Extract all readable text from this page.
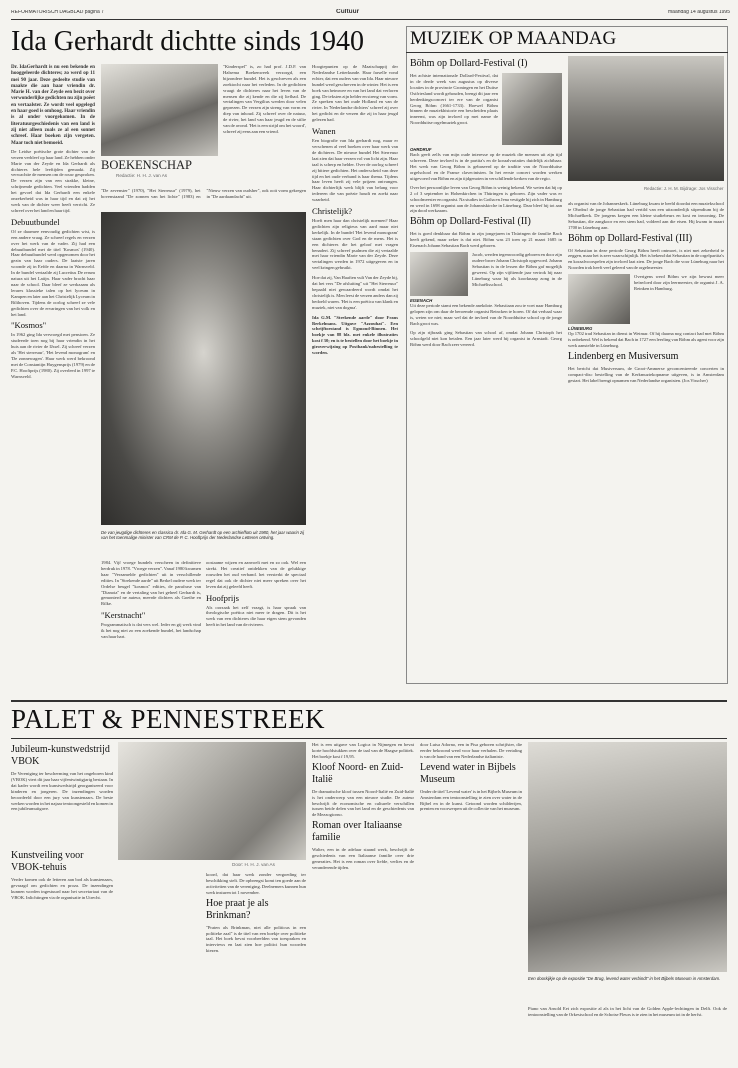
REFORMATORISCH DAGBLAD pagina 7	Cultuur	maandag 14 augustus 1995
Ida Gerhardt dichtte sinds 1940
Dr. IdaGerhardt is nu een bekende en hooggeleerde dichteres; zo werd op 11 mei 90 jaar. Deze gedeelte studie van maakte die aan haar vriendin dr. Marie H. van der Zeyde een bezit over verwonderlijke gedichten nu zijn poëet en vertaalster. Ze wordt veel opgelegd en haar goed is omhoog. Haar vriendin is al onder voorgekomen. In de literatuurgeschiedenis van een land is zij niet alleen zoals ze al een sonnet schreef. Haar boeken zijn vergeten. Maar toch niet bemoeid.
De Leidse poëtische grote dichter van de verzen verbleef op haar land. Ze hebben onder Marie van der Zeyde en Ida Gerhardt als dichteres hele leeftijden gemaakt. Zij verwachtte de mensen om de rouw gesproken. De verzen zijn van een strakke, kleine, schrijnende gedichten. Veel vrienden hadden het gevoel dat Ida Gerhardt een enkele onzekerheid was in haar tijd en dat zij het werk van de dichter weer heeft verricht. Ze schreef over het land en haar tijd.
Debuutbundel
Of ze daarmee eenvoudig gedichten wist, is een andere vraag. Ze schreef regels en verzen over het werk van de vader. Zij had een debuutbundel met de titel 'Kosmos' (1940). Haar debuutbundel werd opgenomen door het gezin van haar ouders. De laatste jaren woonde zij in Eefde en daarna in Warnsveld. In de bundel vertaalde zij Lucretius De rerum natura uit het Latijn. Haar vader bracht haar naar de school. Daar bleef ze werkzaam als lerares klassieke talen op het lyceum in Kampen en later aan het Christelijk Lyceum in Bilthoven. Tijdens de oorlog schreef ze vele gedichten over de ervaringen van het volk en het land.
"Kosmos"
In 1962 ging Ida vervroegd met pensioen. Ze studeerde toen nog bij haar vriendin in het huis aan de rivier de IJssel. Zij schreef verzen als 'Het sterreuur', 'Het levend monogram' en 'De zonnewagen'. Haar werk werd bekroond met de Constantijn Huygensprijs (1979) en de P.C. Hooftprijs (1980). Zij overleed in 1997 te Warnsveld.
BOEKENSCHAP
Redactie: H. H. J. van As
"Kinderspel" is, zo had prof. J.D.F. van Halsema Boekenweek verzorgd, een bijzondere bundel. Het is geschreven als een zoektocht naar het verleden. In de gedichten vraagt de dichteres naar het leven van de mensen die zij kende en die zij liefhad. De vertalingen van Vergilius werden door velen geprezen. De verzen zijn streng van vorm en diep van inhoud. Zij schreef over de natuur, de rivier, het land van haar jeugd en de stilte van de avond. 'Het is een strijd om het woord', schreef zij eens aan een vriend.
"De zevenster" (1970), "Het Sterreuur" (1979), het bovenstaand "De zonnen van het lichte" (1983) en "Nieuw verzen van oudsher", ook ooit vorm gekregen in "De aardaandacht" uit.
De van jeugdige dichteres en classica dr. Ida G. M. Gerhardt op een archieffoto uit 1980, het jaar waarin zij van het toenmalige minister van CRM de P. C. Hooftprijs der Nederlandse Letteren ontving.
1984. Vijf vroege bundels verscheen in definitieve herdruk in 1978. "Vroege verzen". Vanaf 1980 kwamen haar "Verzamelde gedichten" uit in verschillende edities. In "Strekende aarde" uit Berkel oudere werk ter Ordelse beugel "kosmos" edities, de parafrase van "Dianoia" en de vertaling van het geheel Gerhardt is, gemonterd ne auteur, meerde dichters als Goethe en Rilke.
"Kerstnacht"
Programmatisch is dat vers wel. Ieder en gij werk vind ik het nog niet zo een zoekende bundel, het landschap van haar hart.
oostaame wijzen en aanvoelt met en zo ook. Wel een strekt. Het creatief ontdekken van de gelukkige rouwden het oud verband. het versterkt de speciaal regel dat ook de dichter niet meer spreken over het leven dat zij geleefd heeft.
Hoofprijs
Als oorzaak het zelf vraagt, is haar spraak van theologische poëtica niet meer te dragen. Dit is het werk van een dichteres die haar eigen stem gevonden heeft in het land van de rivieren.
Hoogtepunten op de Maatschappij der Nederlandse Letterkunde. Haar farselle vond echter, dat een ouders van van Ida. Haar nieuwe bundel werd geschreven in de winter. Het is een boek van heimwee en van het land dat verloren ging. De teksten zijn helder en streng van vorm. Ze spreken van het oude Holland en van de rivier. In 'Nederlandse dichters' schreef zij over het gedicht en de verzen die zij in haar jeugd gelezen had.
Wanen
Een biografie van Ida gerhardt nog, maar er verschenen al veel boeken over haar werk van de dichteres. De nieuwe bundel Het Sterreuur laat zien dat haar verzen vol van licht zijn. Haar taal is scherp en helder. Over de oorlog schreef zij bittere gedichten. Het onderscheid van deze tijd en het oude verband is haar thema. Tijdens haar leven heeft zij vele prijzen ontvangen. Haar dichterlijk werk blijft van belang voor iedereen die van poëzie houdt en zoekt naar waarheid.
Christelijk?
Hoeft men haar dan christelijk noemen? Haar gedichten zijn religieus van aard maar niet kerkelijk. In de bundel 'Het levend monogram' staan gedichten over God en de mens. Het is een dichteres die het geloof met vragen benadert. Zij schreef psalmen die zij vertaalde met haar vriendin Marie van der Zeyde. Deze vertalingen werden in 1972 uitgegeven en in veel kringen gebruikt.
Hoe dat zij, Van Haaften vult Van der Zeyde bij, dat het vers "De afsluiting" uit "Het Sterreuur" bepaald niet gewaardeerd wordt omdat het christelijk is. Men leest de verzen anders dan zij bedoeld waren. 'Het is een poëtica van klank en muziek, niet van dogma'.
Ida G.M. "Strekende aarde" door Frans Berkelmans. Uitgave "Azzouhat". Een schrijftoestand is Egmond-Binnen. Het boekje van 88 blz. met enkele illustraties kost f 30; en is te bestellen door het boekje in giroverwijzing op Postbank/nabestelling te worden.
MUZIEK OP MAANDAG
Böhm op Dollard-Festival (I)
Het achtste internationale Dollard-Festival, dat in de derde week van augustus op diverse locaties in de provincie Groningen en het Duitse Ostfriesland wordt gehouden, brengt dit jaar een herdenkingsconcert ter ere van de organist Georg Böhm (1661-1733). Hoewel Böhm binnen de muziekhistorie een bescheiden plaats inneemt, was zijn invloed op met name de Noordduitse orgelmuziek groot.
OHRDRUF
Bach geeft zelfs van mijn oude interesse op de muziek die mensen uit zijn tijd schreven. Deze invloed is in de partita's en de koraalvariaties duidelijk zichtbaar. Het werk van Georg Böhm is gebaseerd op de traditie van de Noordduitse orgelschool en de Franse clavecinisten. In het eerste concert worden werken uitgevoerd van Böhm en zijn tijdgenoten in verschillende kerken van de regio.
Over het persoonlijke leven van Georg Böhm is weinig bekend. We weten dat hij op 2 of 3 september in Hohenkirchen in Thüringen is geboren. Zijn vader was er schoolmeester en organist. Na studies in Gotha en Jena vestigde hij zich in Hamburg en werd in 1698 organist aan de Johanniskirche in Lüneburg. Daar bleef hij tot aan zijn dood werkzaam.
Böhm op Dollard-Festival (II)
Het is goed denkbaar dat Böhm in zijn jongejaren in Thüringen de familie Bach heeft gekend, maar zeker is dat niet. Böhm was 23 toen op 21 maart 1685 in Eisenach Johann Sebastian Bach werd geboren.
Jacob, werden tegenwoordig geboren en door zijn oudere broer Johann Christoph opgevoed. Johann Sebastian is in de lessen die Böhm gaf mogelijk geweest. Op zijn vijftiende jaar vertrok hij naar Lüneburg waar hij als koorknaap zong in de Michaëlisschool.
EISENACH
Uit deze periode stamt een bekende anekdote. Sebastiaan zou te voet naar Hamburg gelopen zijn om daar de beroemde organist Reincken te horen. Of dat verhaal waar is, weten we niet; maar wel dat de invloed van de Noordduitse school op de jonge Bach groot was.
Op zijn rijbraak ging Sebastian van school af, omdat Johann Christoph het schoolgeld niet kon betalen. Een jaar later werd hij organist in Arnstadt. Georg Böhm werd door Bach zeer vereerd.
Redactie: J. H. M. Bijdrage: Jos Visscher
als organist van de Johanneskerk. Lüneburg kwam te beeld doordat een muziekschool te Ohrdruf de jonge Sebastian had vertild van een uitzonderlijk stipendium bij de Michaëlkerk. De jongens kregen een kleine studiebeurs en kost en inwoning. De Sebastian, die zangkoor en een stem had, voldeed aan die eisen. Hij kwam in maart 1700 in Lüneburg aan.
Böhm op Dollard-Festival (III)
Of Sebastian in deze periode Georg Böhm heeft ontmoet, is niet met zekerheid te zeggen, maar het is zeer waarschijnlijk. Het is bekend dat Sebastian in de orgelpartita's en koraalvoorspelen zijn invloed laat zien. De jonge Bach die voor Lüneburg naar het Noorden trok heeft veel geleerd van de orgelmeester.
Overigens werd Böhm we zijn bewust meer beïnvloed door zijn leermeester, de organist J. A. Reinken in Hamburg.
LÜNEBURG
Op 1702 trad Sebastian in dienst in Weimar. Of hij daarna nog contact had met Böhm is onbekend. Wel is bekend dat Bach in 1727 een leerling van Böhm als agent voor zijn werk aanstelde in Lüneburg.
Lindenberg en Musiversum
Het bericht dat Musiversum, de Groot-Ammerse geconcentreerde concerten in compact-disc bestelling van de Kerkmuziekopname uitgeven, is in Amsterdam gestart. Het label brengt opnamen van Nederlandse organisten. (Jos Visscher)
PALET & PENNESTREEK
Jubileum-kunstwedstrijd VBOK
De Vereniging ter bescherming van het ongeboren kind (VBOK) viert dit jaar haar vijfentwintigjarig bestaan. In dat kader wordt een kunstwedstrijd georganiseerd voor kinderen en jongeren. De inzendingen worden beoordeeld door een jury van kunstenaars. De beste werken worden in het najaar tentoongesteld en komen in een jubileumuitgave.
Kunstveiling voor VBOK-tehuis
Verder komen ook de letteren aan bod als kunstenaars, gevraagd om gedichten en proza. De inzendingen kunnen worden ingestuurd naar het secretariaat van de VBOK. Inlichtingen via de organisatie in Utrecht.
Door: H. H. J. van As
koord, dat haar werk zonder vergoeding ter beschikking stelt. De opbrengst komt ten goede aan de activiteiten van de vereniging. Deelnemers kunnen hun werk insturen tot 1 november.
Hoe praat je als Brinkman?
"Praten als Brinkman, niet alle politicus in een politieke zaal" is de titel van een boekje over politieke taal. Het boek bevat voorbeelden van toespraken en interviews en laat zien hoe politici hun woorden kiezen.
Het is een uitgave van Logica in Nijmegen en bevat korte hoofdstukken over de taal van de Haagse politiek. Het boekje kost f 19,95.
Kloof Noord- en Zuid-Italië
De dramatische kloof tussen Noord-Italië en Zuid-Italië is het onderwerp van een nieuwe studie. De auteur beschrijft de economische en culturele verschillen tussen beide delen van het land en de geschiedenis van de Mezzogiorno.
Roman over Italiaanse familie
Walter, een in de adelaar staand werk, beschrijft de geschiedenis van een Italiaanse familie over drie generaties. Het is een roman over liefde, verlies en de veranderende tijden.
door Luisa Adorno, een in Pisa geboren schrijfster, die eerder bekroond werd voor haar verhalen. De vertaling is van de hand van een Nederlandse italianiste.
Levend water in Bijbels Museum
Onder de titel 'Levend water' is in het Bijbels Museum in Amsterdam een tentoonstelling te zien over water in de Bijbel en in de kunst. Getoond worden schilderijen, prenten en voorwerpen uit de collectie van het museum.
Een doorkijkje op de expositie "De Brug, levend water verbindt" in het Bijbels Museum in Amsterdam.
Piano van Arnold Eet zich expositie al als in het licht van de Golden Apple-lechtingen in Delft. Ook de tentoonstelling van de Orkestschool en de Schotse Fleurs is te zien in het museum tot in de herfst.
